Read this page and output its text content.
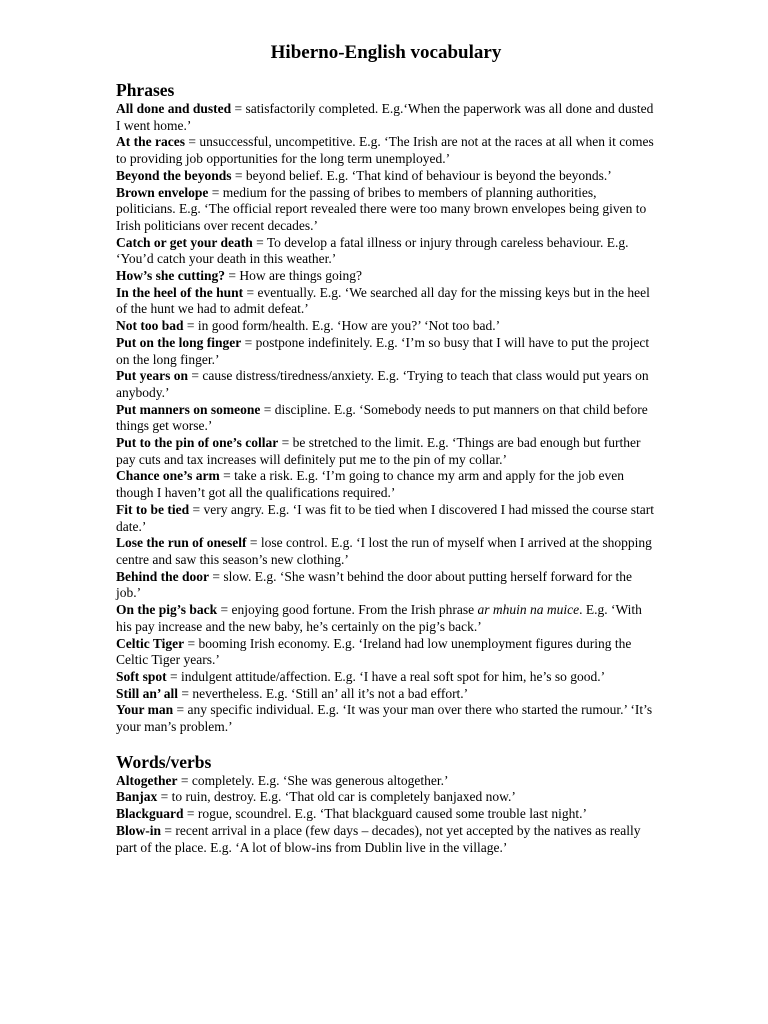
Hiberno-English vocabulary
Phrases
All done and dusted = satisfactorily completed. E.g.‘When the paperwork was all done and dusted I went home.’
At the races = unsuccessful, uncompetitive. E.g. ‘The Irish are not at the races at all when it comes to providing job opportunities for the long term unemployed.’
Beyond the beyonds = beyond belief. E.g. ‘That kind of behaviour is beyond the beyonds.’
Brown envelope = medium for the passing of bribes to members of planning authorities, politicians. E.g. ‘The official report revealed there were too many brown envelopes being given to Irish politicians over recent decades.’
Catch or get your death = To develop a fatal illness or injury through careless behaviour. E.g. ‘You’d catch your death in this weather.’
How’s she cutting? = How are things going?
In the heel of the hunt = eventually. E.g. ‘We searched all day for the missing keys but in the heel of the hunt we had to admit defeat.’
Not too bad = in good form/health. E.g. ‘How are you?’ ‘Not too bad.’
Put on the long finger = postpone indefinitely. E.g. ‘I’m so busy that I will have to put the project on the long finger.’
Put years on = cause distress/tiredness/anxiety. E.g. ‘Trying to teach that class would put years on anybody.’
Put manners on someone = discipline. E.g. ‘Somebody needs to put manners on that child before things get worse.’
Put to the pin of one’s collar = be stretched to the limit. E.g. ‘Things are bad enough but further pay cuts and tax increases will definitely put me to the pin of my collar.’
Chance one’s arm = take a risk. E.g. ‘I’m going to chance my arm and apply for the job even though I haven’t got all the qualifications required.’
Fit to be tied = very angry. E.g. ‘I was fit to be tied when I discovered I had missed the course start date.’
Lose the run of oneself = lose control. E.g. ‘I lost the run of myself when I arrived at the shopping centre and saw this season’s new clothing.’
Behind the door = slow. E.g. ‘She wasn’t behind the door about putting herself forward for the job.’
On the pig’s back = enjoying good fortune. From the Irish phrase ar mhuin na muice. E.g. ‘With his pay increase and the new baby, he’s certainly on the pig’s back.’
Celtic Tiger = booming Irish economy. E.g. ‘Ireland had low unemployment figures during the Celtic Tiger years.’
Soft spot = indulgent attitude/affection. E.g. ‘I have a real soft spot for him, he’s so good.’
Still an’ all = nevertheless. E.g. ‘Still an’ all it’s not a bad effort.’
Your man = any specific individual. E.g. ‘It was your man over there who started the rumour.’ ‘It’s your man’s problem.’
Words/verbs
Altogether = completely. E.g. ‘She was generous altogether.’
Banjax = to ruin, destroy. E.g. ‘That old car is completely banjaxed now.’
Blackguard = rogue, scoundrel. E.g. ‘That blackguard caused some trouble last night.’
Blow-in = recent arrival in a place (few days – decades), not yet accepted by the natives as really part of the place. E.g. ‘A lot of blow-ins from Dublin live in the village.’
